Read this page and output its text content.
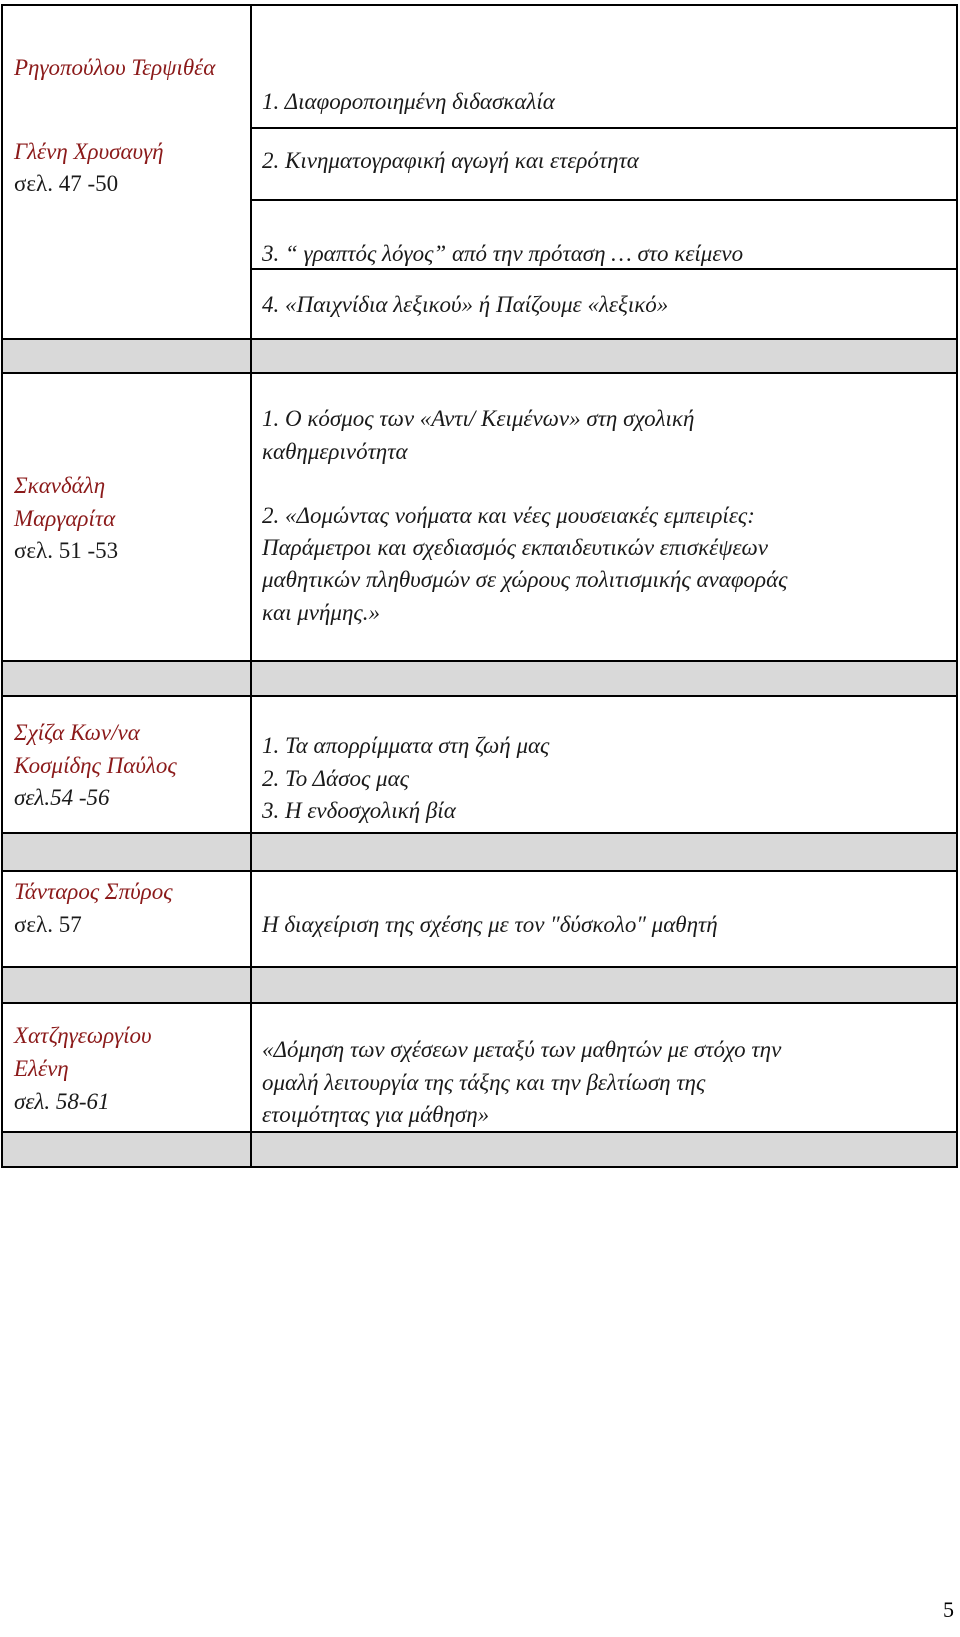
Ρηγοπούλου Τερψιθέα
Γλένη Χρυσαυγή
σελ. 47 -50
1. Διαφοροποιημένη διδασκαλία
2. Κινηματογραφική αγωγή και ετερότητα
3. “ γραπτός λόγος” από την πρόταση … στο κείμενο
4. «Παιχνίδια λεξικού» ή Παίζουμε «λεξικό»
Σκανδάλη
Μαργαρίτα
σελ. 51 -53
1. Ο κόσμος των «Αντι/ Κειμένων» στη σχολική
καθημερινότητα
2. «Δομώντας νοήματα και νέες μουσειακές εμπειρίες:
Παράμετροι και σχεδιασμός εκπαιδευτικών επισκέψεων
μαθητικών πληθυσμών σε χώρους πολιτισμικής αναφοράς
και μνήμης.»
Σχίζα Κων/να
Κοσμίδης Παύλος
σελ.54 -56
1. Τα απορρίμματα στη ζωή μας
2. Το Δάσος μας
3. Η ενδοσχολική βία
Τάνταρος Σπύρος
σελ. 57	Η διαχείριση της σχέσης με τον ″δύσκολο″ μαθητή
Χατζηγεωργίου
Ελένη
σελ. 58-61
«Δόμηση των σχέσεων μεταξύ των μαθητών με στόχο την
ομαλή λειτουργία της τάξης και την βελτίωση της
ετοιμότητας για μάθηση»
5
